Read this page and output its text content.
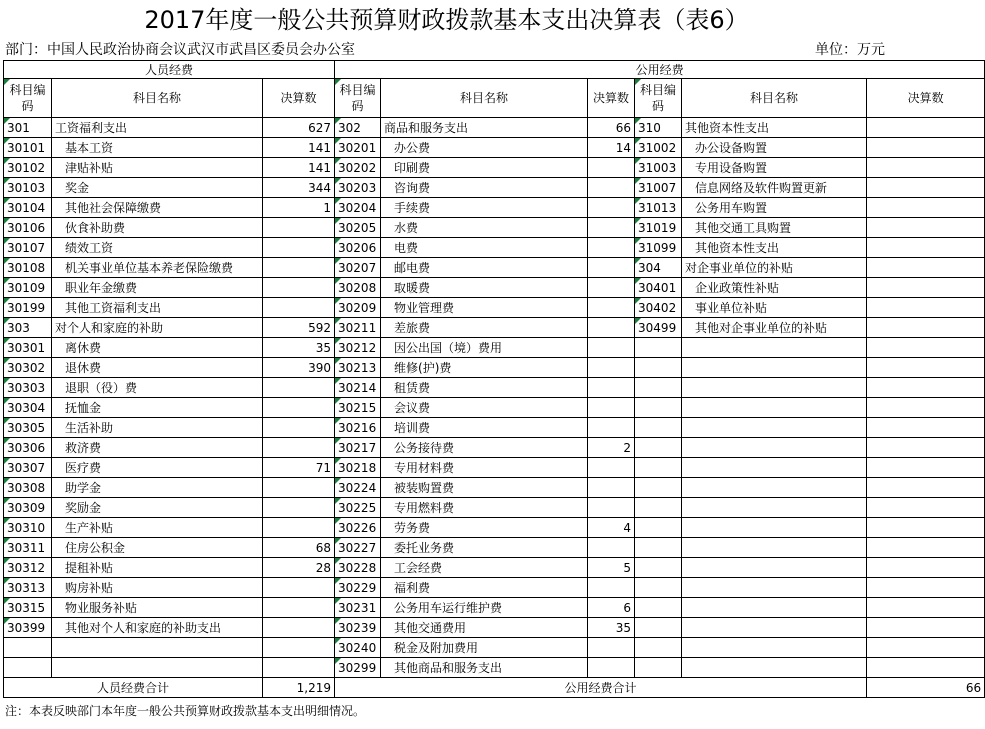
2017年度一般公共预算财政拨款基本支出决算表（表6）
部门：中国人民政治协商会议武汉市武昌区委员会办公室	单位：万元
人员经费			公用经费					
科目编码	科目名称	决算数	科目编码	科目名称	决算数	科目编码	科目名称	决算数
301	工资福利支出	627	302	商品和服务支出	66	310	其他资本性支出	
30101	基本工资	141	30201	办公费	14	31002	办公设备购置	
30102	津贴补贴	141	30202	印刷费		31003	专用设备购置	
30103	奖金	344	30203	咨询费		31007	信息网络及软件购置更新	
30104	其他社会保障缴费	1	30204	手续费		31013	公务用车购置	
30106	伙食补助费		30205	水费		31019	其他交通工具购置	
30107	绩效工资		30206	电费		31099	其他资本性支出	
30108	机关事业单位基本养老保险缴费		30207	邮电费		304	对企事业单位的补贴	
30109	职业年金缴费		30208	取暖费		30401	企业政策性补贴	
30199	其他工资福利支出		30209	物业管理费		30402	事业单位补贴	
303	对个人和家庭的补助	592	30211	差旅费		30499	其他对企事业单位的补贴	
30301	离休费	35	30212	因公出国（境）费用				
30302	退休费	390	30213	维修(护)费				
30303	退职（役）费		30214	租赁费				
30304	抚恤金		30215	会议费				
30305	生活补助		30216	培训费				
30306	救济费		30217	公务接待费	2			
30307	医疗费	71	30218	专用材料费				
30308	助学金		30224	被装购置费				
30309	奖励金		30225	专用燃料费				
30310	生产补贴		30226	劳务费	4			
30311	住房公积金	68	30227	委托业务费				
30312	提租补贴	28	30228	工会经费	5			
30313	购房补贴		30229	福利费				
30315	物业服务补贴		30231	公务用车运行维护费	6			
30399	其他对个人和家庭的补助支出		30239	其他交通费用	35			
			30240	税金及附加费用				
			30299	其他商品和服务支出				
人员经费合计		1,219	公用经费合计					66
注：本表反映部门本年度一般公共预算财政拨款基本支出明细情况。
